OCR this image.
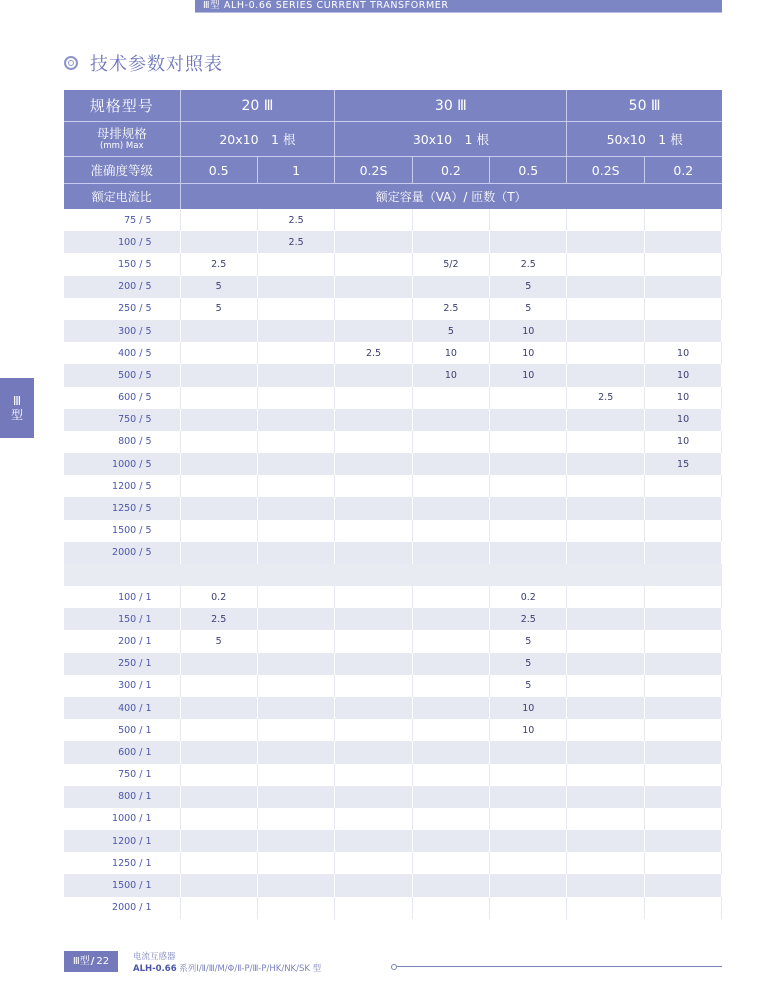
Ⅲ型 ALH-0.66 SERIES CURRENT TRANSFORMER
技术参数对照表
Ⅲ
型
规格型号	20 Ⅲ		30 Ⅲ			50 Ⅲ	

母排规格
(mm) Max	20x10　1 根		30x10　1 根			50x10　1 根	
准确度等级	0.5	1	0.2S	0.2	0.5	0.2S	0.2
额定电流比	额定容量（VA）/ 匝数（T）						
75 / 5		2.5					
100 / 5		2.5					
150 / 5	2.5			5/2	2.5		
200 / 5	5				5		
250 / 5	5			2.5	5		
300 / 5				5	10		
400 / 5			2.5	10	10		10
500 / 5				10	10		10
600 / 5						2.5	10
750 / 5							10
800 / 5							10
1000 / 5							15
1200 / 5							
1250 / 5							
1500 / 5							
2000 / 5							

100 / 1	0.2				0.2		
150 / 1	2.5				2.5		
200 / 1	5				5		
250 / 1					5		
300 / 1					5		
400 / 1					10		
500 / 1					10		
600 / 1							
750 / 1							
800 / 1							
1000 / 1							
1200 / 1							
1250 / 1							
1500 / 1							
2000 / 1							
Ⅲ型 / 22	电流互感器
ALH-0.66 系列Ⅰ/Ⅱ/Ⅲ/M/Φ/Ⅱ-P/Ⅲ-P/HK/NK/SK 型
